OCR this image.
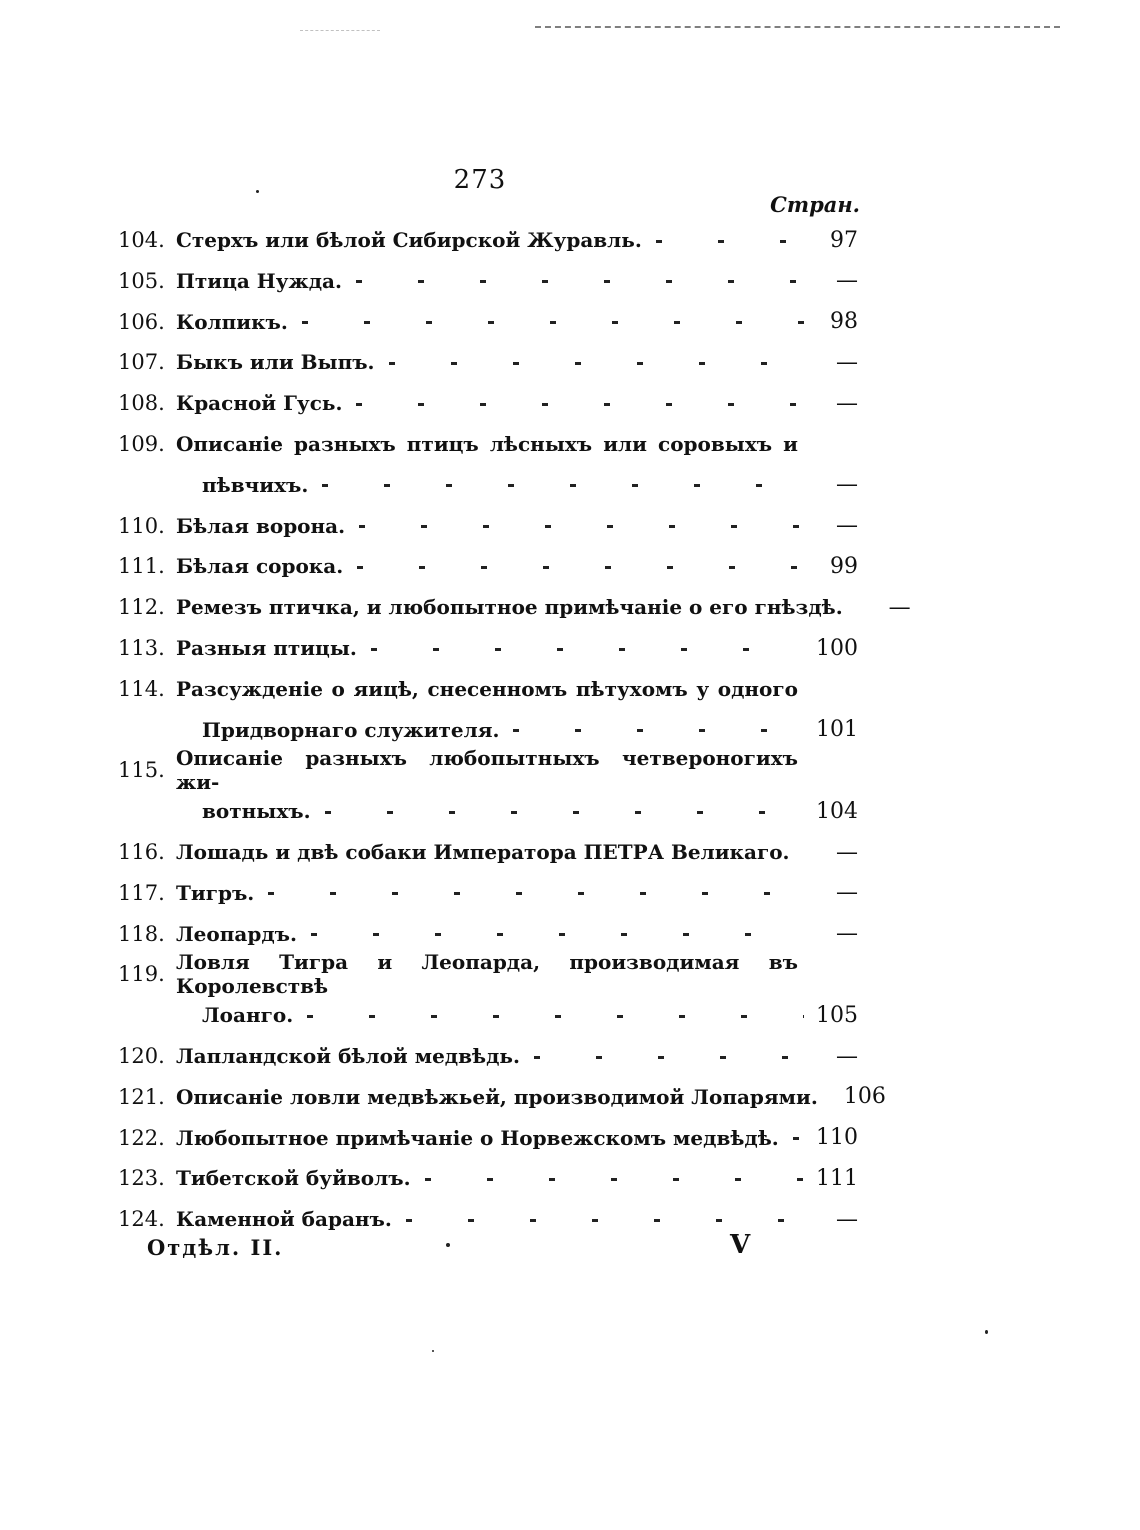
273
Стран.
104. Стерхъ или бѣлой Сибирской Журавль.	97
105. Птица Нужда.	—
106. Колпикъ.	98
107. Быкъ или Выпъ.	—
108. Красной Гусь.	—
109. Описаніе разныхъ птицъ лѣсныхъ или соровыхъ и
пѣвчихъ.	—
110. Бѣлая ворона.	—
111. Бѣлая сорока.	99
112. Ремезъ птичка, и любопытное примѣчаніе о его гнѣздѣ.	—
113. Разныя птицы.	100
114. Разсужденіе о яицѣ, снесенномъ пѣтухомъ у одного
Придворнаго служителя.	101
115. Описаніе разныхъ любопытныхъ четвероногихъ жи-
вотныхъ.	104
116. Лошадь и двѣ собаки Императора ПЕТРА Великаго.	—
117. Тигръ.	—
118. Леопардъ.	—
119. Ловля Тигра и Леопарда, производимая въ Королевствѣ
Лоанго.	105
120. Лапландской бѣлой медвѣдь.	—
121. Описаніе ловли медвѣжьей, производимой Лопарями. 106
122. Любопытное примѣчаніе о Норвежскомъ медвѣдѣ. 110
123. Тибетской буйволъ.	111
124. Каменной баранъ.	—
Отдѣл. II.	V
